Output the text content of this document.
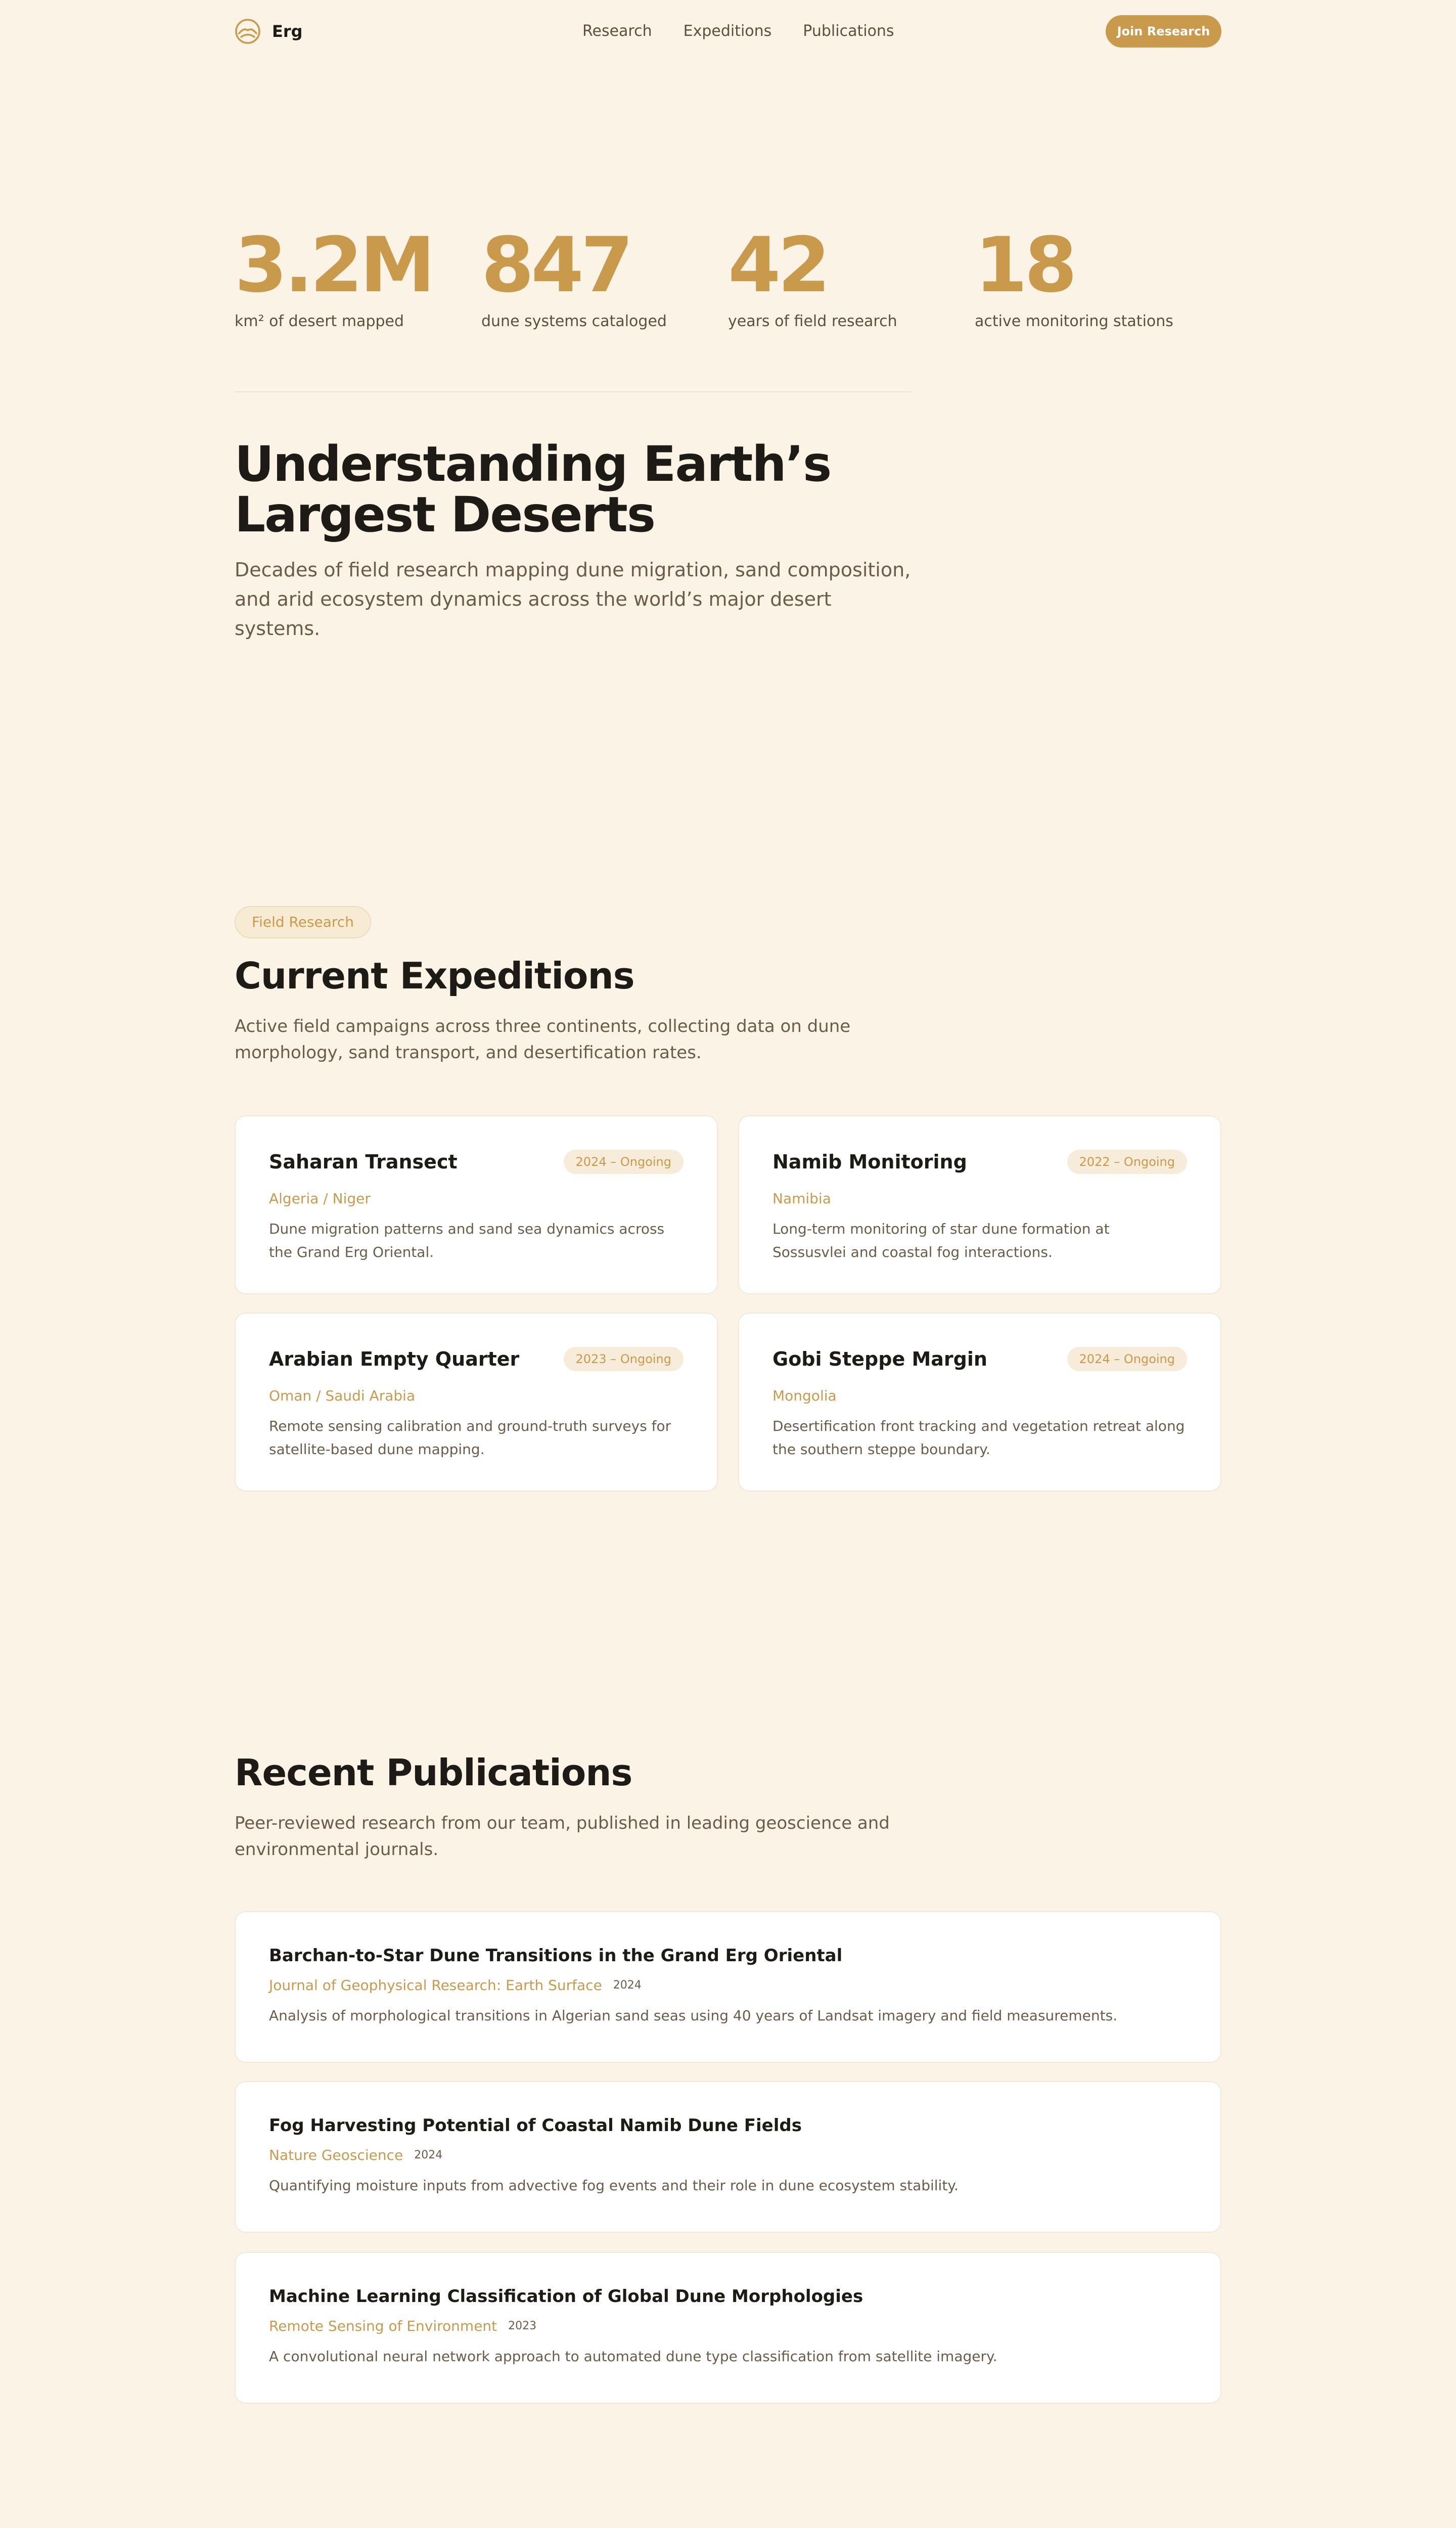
Erg	Research Expeditions Publications	Join Research
3.2M
km² of desert mapped
847
dune systems cataloged
42
years of field research
18
active monitoring stations
Understanding Earth’s Largest Deserts

Decades of field research mapping dune migration, sand composition, and arid ecosystem dynamics across the world’s major desert systems.

Field Research
Current Expeditions

Active field campaigns across three continents, collecting data on dune morphology, sand transport, and desertification rates.

Saharan Transect	2024 – Ongoing
Algeria / Niger
Dune migration patterns and sand sea dynamics across the Grand Erg Oriental.
Namib Monitoring	2022 – Ongoing
Namibia
Long-term monitoring of star dune formation at Sossusvlei and coastal fog interactions.
Arabian Empty Quarter	2023 – Ongoing
Oman / Saudi Arabia
Remote sensing calibration and ground-truth surveys for satellite-based dune mapping.
Gobi Steppe Margin	2024 – Ongoing
Mongolia
Desertification front tracking and vegetation retreat along the southern steppe boundary.
Recent Publications

Peer-reviewed research from our team, published in leading geoscience and environmental journals.

Barchan-to-Star Dune Transitions in the Grand Erg Oriental
Journal of Geophysical Research: Earth Surface 2024
Analysis of morphological transitions in Algerian sand seas using 40 years of Landsat imagery and field measurements.
Fog Harvesting Potential of Coastal Namib Dune Fields
Nature Geoscience 2024
Quantifying moisture inputs from advective fog events and their role in dune ecosystem stability.
Machine Learning Classification of Global Dune Morphologies
Remote Sensing of Environment 2023
A convolutional neural network approach to automated dune type classification from satellite imagery.
